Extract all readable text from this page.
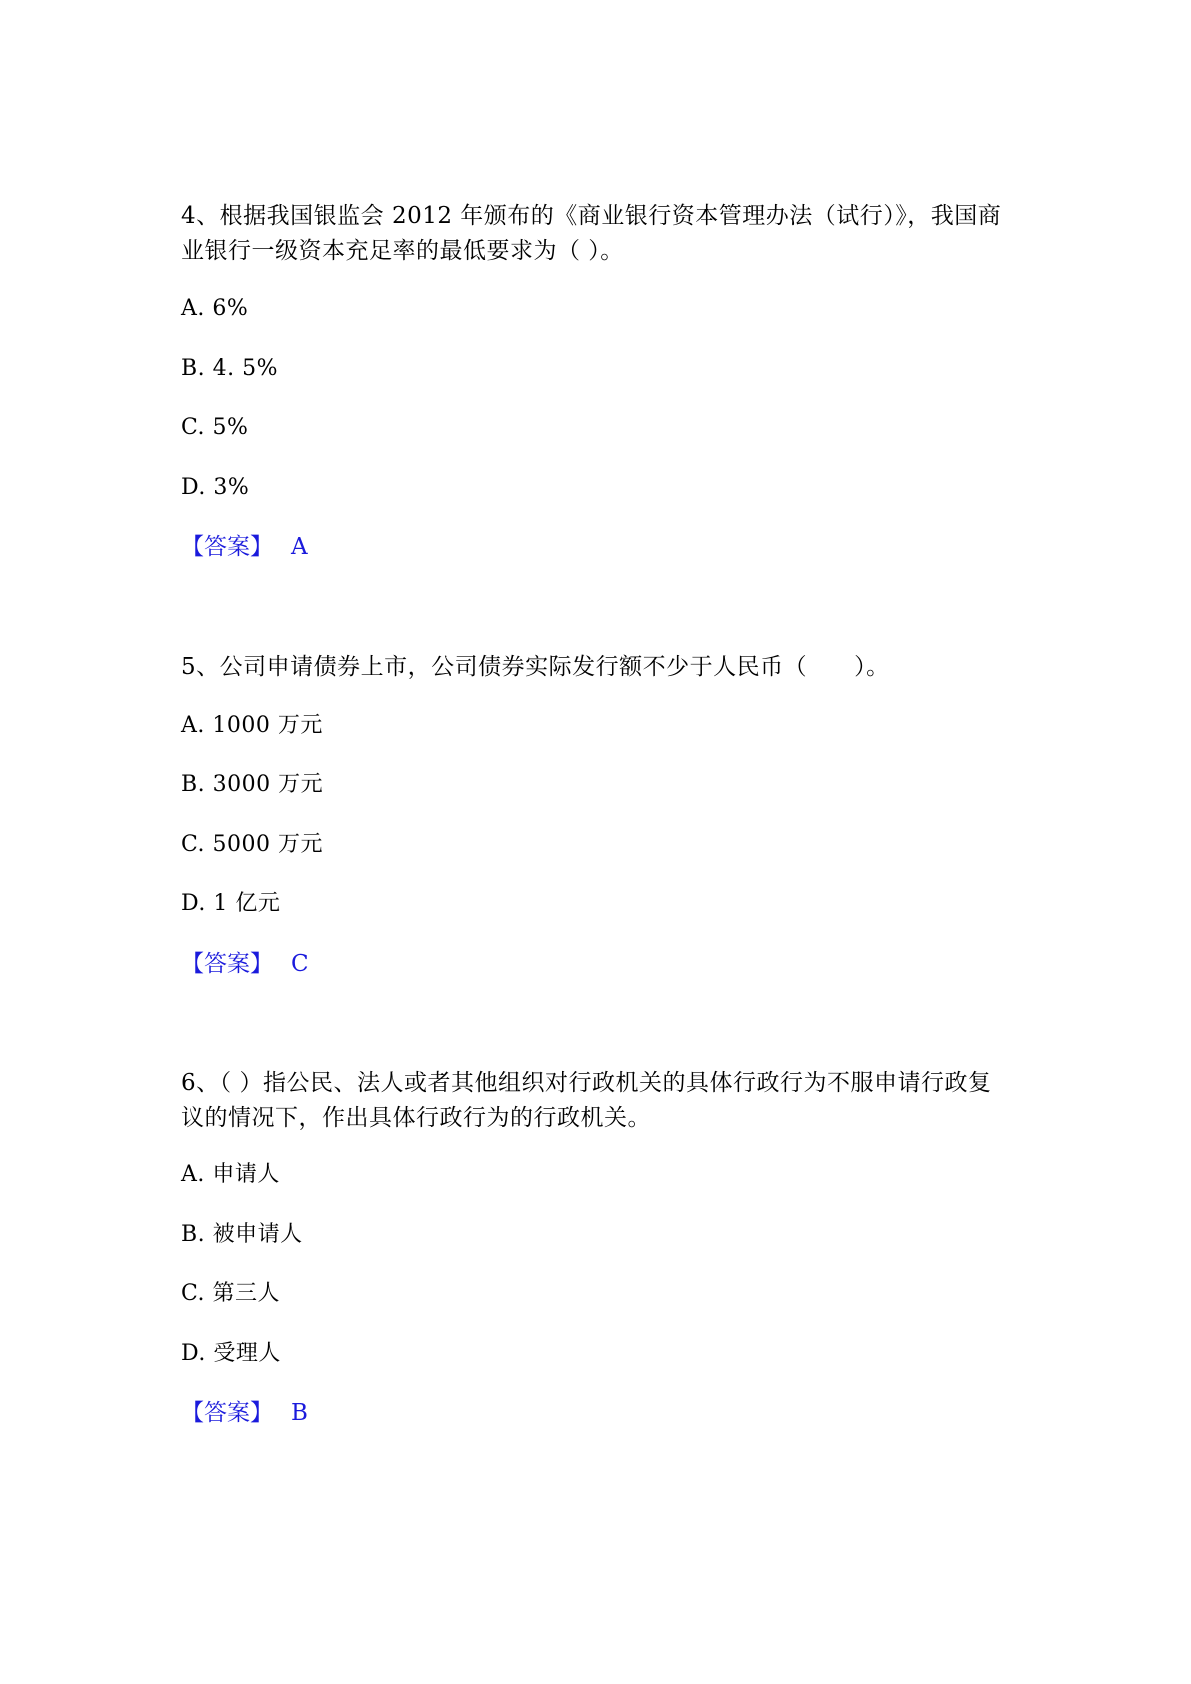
4、根据我国银监会 2012 年颁布的《商业银行资本管理办法（试行）》，我国商业银行一级资本充足率的最低要求为（ ）。

A. 6%

B. 4. 5%

C. 5%

D. 3%

【答案】 A

5、公司申请债券上市，公司债券实际发行额不少于人民币（　　）。

A. 1000 万元

B. 3000 万元

C. 5000 万元

D. 1 亿元

【答案】 C

6、（ ）指公民、法人或者其他组织对行政机关的具体行政行为不服申请行政复议的情况下，作出具体行政行为的行政机关。

A. 申请人

B. 被申请人

C. 第三人

D. 受理人

【答案】 B
